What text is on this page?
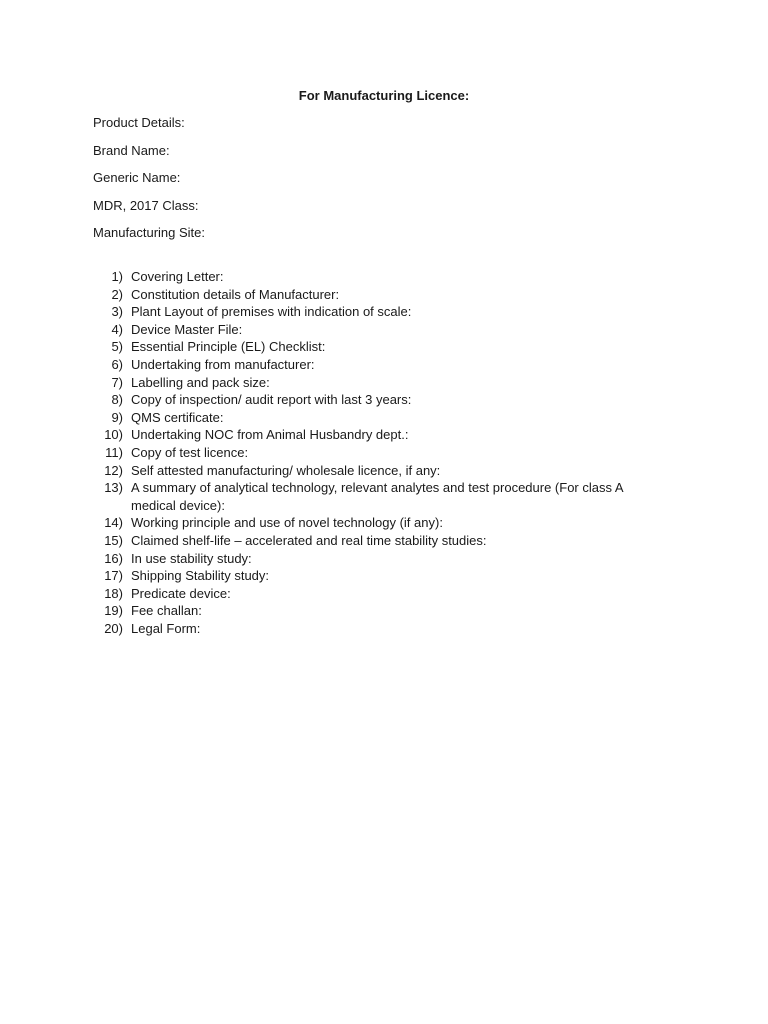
For Manufacturing Licence:
Product Details:
Brand Name:
Generic Name:
MDR, 2017 Class:
Manufacturing Site:
1) Covering Letter:
2) Constitution details of Manufacturer:
3) Plant Layout of premises with indication of scale:
4) Device Master File:
5) Essential Principle (EL) Checklist:
6) Undertaking from manufacturer:
7) Labelling and pack size:
8) Copy of inspection/ audit report with last 3 years:
9) QMS certificate:
10) Undertaking NOC from Animal Husbandry dept.:
11) Copy of test licence:
12) Self attested manufacturing/ wholesale licence, if any:
13) A summary of analytical technology, relevant analytes and test procedure (For class A medical device):
14) Working principle and use of novel technology (if any):
15) Claimed shelf-life – accelerated and real time stability studies:
16) In use stability study:
17) Shipping Stability study:
18) Predicate device:
19) Fee challan:
20) Legal Form:
